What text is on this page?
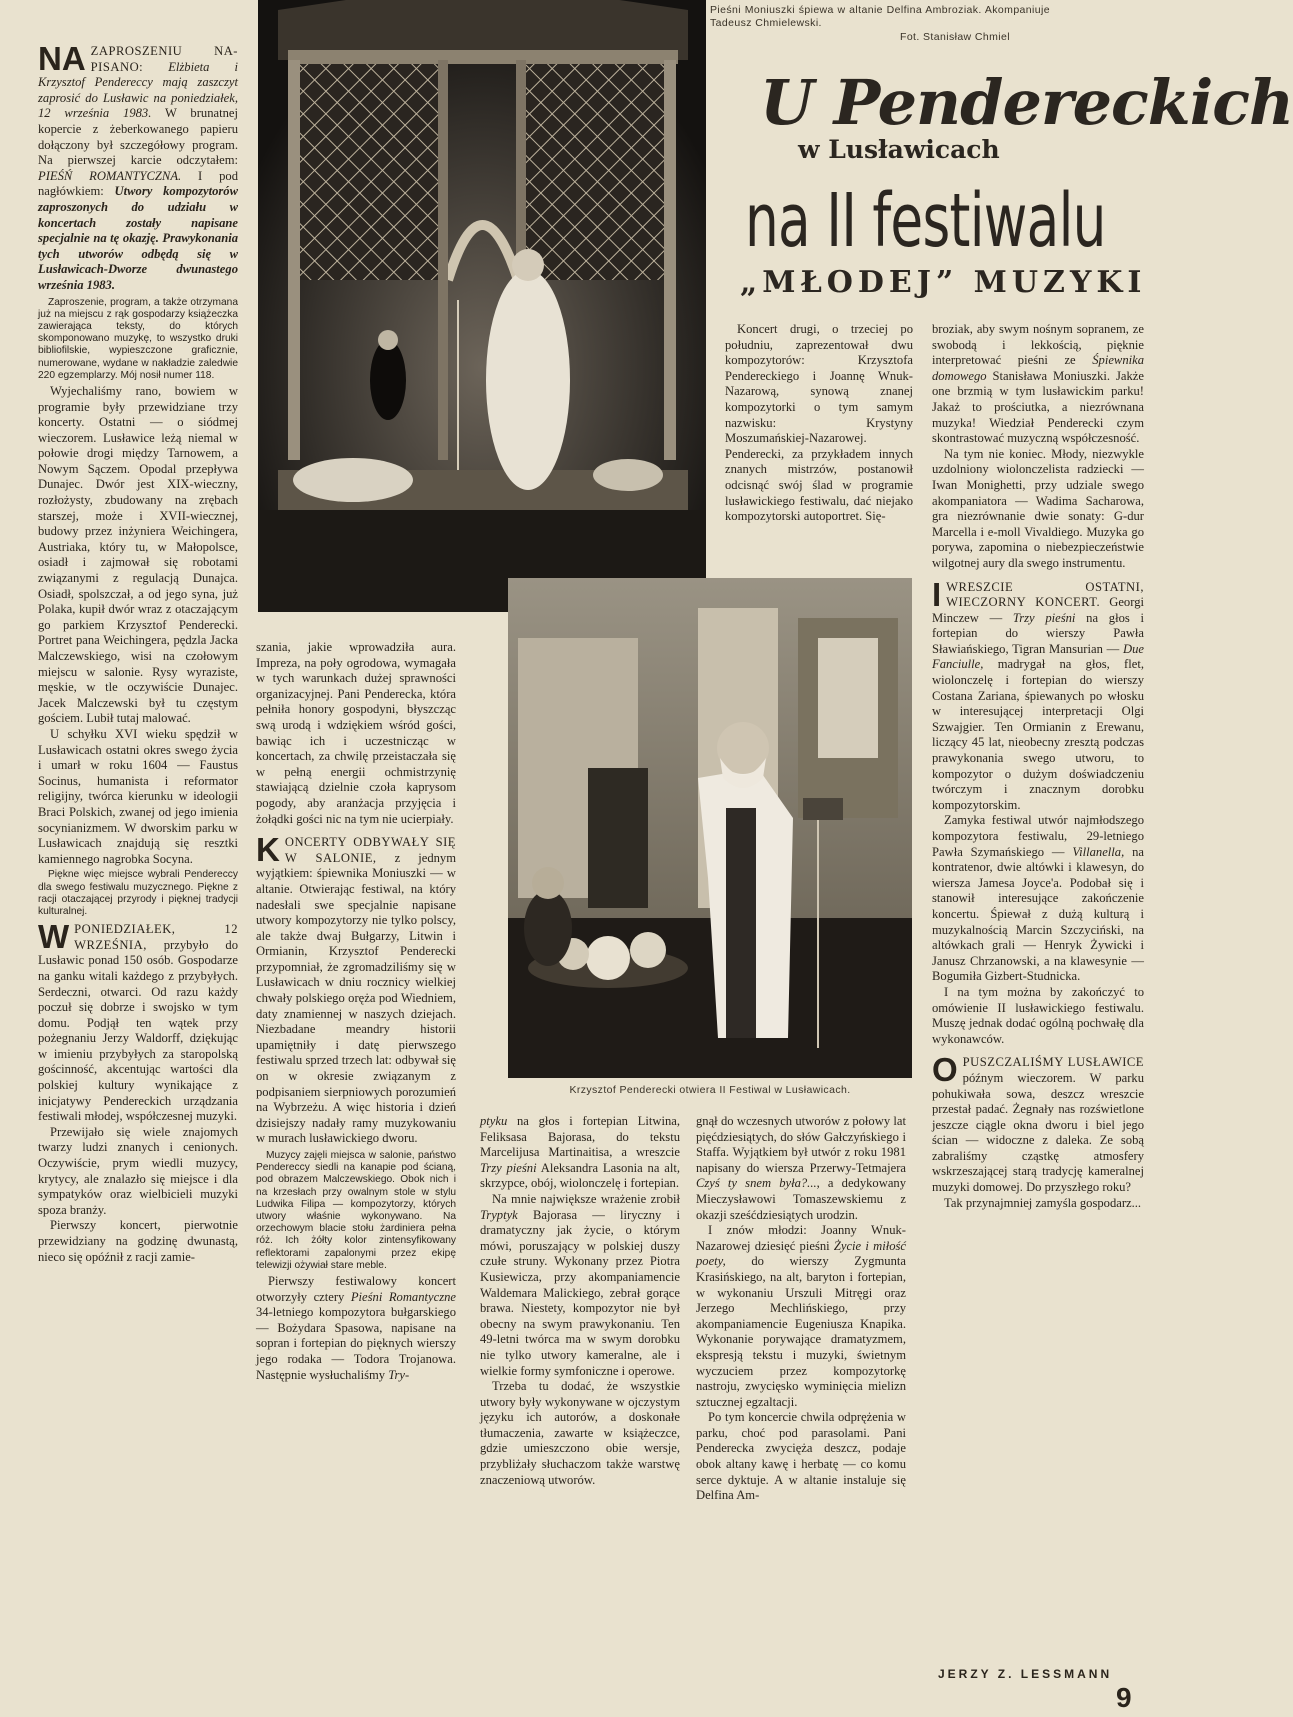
NA ZAPROSZENIU NA-PISANO: Elżbieta i Krzysztof Pendereccy mają zaszczyt zaprosić do Lusławic na poniedziałek, 12 września 1983. W brunatnej kopercie z żeberkowanego papieru dołączony był szczegółowy program. Na pierwszej karcie odczytałem: PIEŚŃ ROMANTYCZNA. I pod nagłówkiem: Utwory kompozytorów zaproszonych do udziału w koncertach zostały napisane specjalnie na tę okazję. Prawykonania tych utworów odbędą się w Lusławicach-Dworze dwunastego września 1983.

Zaproszenie, program, a także otrzymana już na miejscu z rąk gospodarzy książeczka zawierająca teksty, do których skomponowano muzykę, to wszystko druki bibliofilskie, wypieszczone graficznie, numerowane, wydane w nakładzie zaledwie 220 egzemplarzy. Mój nosił numer 118.

Wyjechaliśmy rano, bowiem w programie były przewidziane trzy koncerty. Ostatni — o siódmej wieczorem. Lusławice leżą niemal w połowie drogi między Tarnowem, a Nowym Sączem. Opodal przepływa Dunajec. Dwór jest XIX-wieczny, rozłożysty, zbudowany na zrębach starszej, może i XVII-wiecznej, budowy przez inżyniera Weichingera, Austriaka, który tu, w Małopolsce, osiadł i zajmował się robotami związanymi z regulacją Dunajca. Osiadł, spolszczał, a od jego syna, już Polaka, kupił dwór wraz z otaczającym go parkiem Krzysztof Penderecki. Portret pana Weichingera, pędzla Jacka Malczewskiego, wisi na czołowym miejscu w salonie. Rysy wyraziste, męskie, w tle oczywiście Dunajec. Jacek Malczewski był tu częstym gościem. Lubił tutaj malować.

U schyłku XVI wieku spędził w Lusławicach ostatni okres swego życia i umarł w roku 1604 — Faustus Socinus, humanista i reformator religijny, twórca kierunku w ideologii Braci Polskich, zwanej od jego imienia socynianizmem. W dworskim parku w Lusławicach znajdują się resztki kamiennego nagrobka Socyna.

Piękne więc miejsce wybrali Pendereccy dla swego festiwalu muzycznego. Piękne z racji otaczającej przyrody i pięknej tradycji kulturalnej.

WPONIEDZIAŁEK, 12 WRZEŚNIA, przybyło do Lusławic ponad 150 osób. Gospodarze na ganku witali każdego z przybyłych. Serdeczni, otwarci. Od razu każdy poczuł się dobrze i swojsko w tym domu. Podjął ten wątek przy pożegnaniu Jerzy Waldorff, dziękując w imieniu przybyłych za staropolską gościnność, akcentując wartości dla polskiej kultury wynikające z inicjatywy Pendereckich urządzania festiwali młodej, współczesnej muzyki.

Przewijało się wiele znajomych twarzy ludzi znanych i cenionych. Oczywiście, prym wiedli muzycy, krytycy, ale znalazło się miejsce i dla sympatyków oraz wielbicieli muzyki spoza branży.

Pierwszy koncert, pierwotnie przewidziany na godzinę dwunastą, nieco się opóźnił z racji zamie-

Pieśni Moniuszki śpiewa w altanie Delfina Ambroziak. Akompaniuje Tadeusz Chmielewski.
Fot. Stanisław Chmiel
U Pendereckich
w Lusławicach
na II festiwalu
„MŁODEJ” MUZYKI

Koncert drugi, o trzeciej po południu, zaprezentował dwu kompozytorów: Krzysztofa Pendereckiego i Joannę Wnuk-Nazarową, synową znanej kompozytorki o tym samym nazwisku: Krystyny Moszumańskiej-Nazarowej. Penderecki, za przykładem innych znanych mistrzów, postanowił odcisnąć swój ślad w programie lusławickiego festiwalu, dać niejako kompozytorski autoportret. Się-

broziak, aby swym nośnym sopranem, ze swobodą i lekkością, pięknie interpretować pieśni ze Śpiewnika domowego Stanisława Moniuszki. Jakże one brzmią w tym lusławickim parku! Jakaż to prościutka, a niezrównana muzyka! Wiedział Penderecki czym skontrastować muzyczną współczesność.

Na tym nie koniec. Młody, niezwykle uzdolniony wiolonczelista radziecki — Iwan Monighetti, przy udziale swego akompaniatora — Wadima Sacharowa, gra niezrównanie dwie sonaty: G-dur Marcella i e-moll Vivaldiego. Muzyka go porywa, zapomina o niebezpieczeństwie wilgotnej aury dla swego instrumentu.

IWRESZCIE OSTATNI, WIECZORNY KONCERT. Georgi Minczew — Trzy pieśni na głos i fortepian do wierszy Pawła Sławiańskiego, Tigran Mansurian — Due Fanciulle, madrygał na głos, flet, wiolonczelę i fortepian do wierszy Costana Zariana, śpiewanych po włosku w interesującej interpretacji Olgi Szwajgier. Ten Ormianin z Erewanu, liczący 45 lat, nieobecny zresztą podczas prawykonania swego utworu, to kompozytor o dużym doświadczeniu twórczym i znacznym dorobku kompozytorskim.

Zamyka festiwal utwór najmłodszego kompozytora festiwalu, 29-letniego Pawła Szymańskiego — Villanella, na kontratenor, dwie altówki i klawesyn, do wiersza Jamesa Joyce'a. Podobał się i stanowił interesujące zakończenie koncertu. Śpiewał z dużą kulturą i muzykalnością Marcin Szczyciński, na altówkach grali — Henryk Żywicki i Janusz Chrzanowski, a na klawesynie — Bogumiła Gizbert-Studnicka.

I na tym można by zakończyć to omówienie II lusławickiego festiwalu. Muszę jednak dodać ogólną pochwałę dla wykonawców.

OPUSZCZALIŚMY LUSŁAWICE późnym wieczorem. W parku pohukiwała sowa, deszcz wreszcie przestał padać. Żegnały nas rozświetlone jeszcze ciągle okna dworu i biel jego ścian — widoczne z daleka. Ze sobą zabraliśmy cząstkę atmosfery wskrzeszającej starą tradycję kameralnej muzyki domowej. Do przyszłego roku?

Tak przynajmniej zamyśla gospodarz...

Krzysztof Penderecki otwiera II Festiwal w Lusławicach.

szania, jakie wprowadziła aura. Impreza, na poły ogrodowa, wymagała w tych warunkach dużej sprawności organizacyjnej. Pani Penderecka, która pełniła honory gospodyni, błyszcząc swą urodą i wdziękiem wśród gości, bawiąc ich i uczestnicząc w koncertach, za chwilę przeistaczała się w pełną energii ochmistrzynię stawiającą dzielnie czoła kaprysom pogody, aby aranżacja przyjęcia i żołądki gości nic na tym nie ucierpiały.

KONCERTY ODBYWAŁY SIĘ W SALONIE, z jednym wyjątkiem: śpiewnika Moniuszki — w altanie. Otwierając festiwal, na który nadesłali swe specjalnie napisane utwory kompozytorzy nie tylko polscy, ale także dwaj Bułgarzy, Litwin i Ormianin, Krzysztof Penderecki przypomniał, że zgromadziliśmy się w Lusławicach w dniu rocznicy wielkiej chwały polskiego oręża pod Wiedniem, daty znamiennej w naszych dziejach. Niezbadane meandry historii upamiętniły i datę pierwszego festiwalu sprzed trzech lat: odbywał się on w okresie związanym z podpisaniem sierpniowych porozumień na Wybrzeżu. A więc historia i dzień dzisiejszy nadały ramy muzykowaniu w murach lusławickiego dworu.

Muzycy zajęli miejsca w salonie, państwo Pendereccy siedli na kanapie pod ścianą, pod obrazem Malczewskiego. Obok nich i na krzesłach przy owalnym stole w stylu Ludwika Filipa — kompozytorzy, których utwory właśnie wykonywano. Na orzechowym blacie stołu żardiniera pełna róż. Ich żółty kolor zintensyfikowany reflektorami zapalonymi przez ekipę telewizji ożywiał stare meble.

Pierwszy festiwalowy koncert otworzyły cztery Pieśni Romantyczne 34-letniego kompozytora bułgarskiego — Bożydara Spasowa, napisane na sopran i fortepian do pięknych wierszy jego rodaka — Todora Trojanowa. Następnie wysłuchaliśmy Try-

ptyku na głos i fortepian Litwina, Feliksasa Bajorasa, do tekstu Marcelijusa Martinaitisa, a wreszcie Trzy pieśni Aleksandra Lasonia na alt, skrzypce, obój, wiolonczelę i fortepian.

Na mnie największe wrażenie zrobił Tryptyk Bajorasa — liryczny i dramatyczny jak życie, o którym mówi, poruszający w polskiej duszy czułe struny. Wykonany przez Piotra Kusiewicza, przy akompaniamencie Waldemara Malickiego, zebrał gorące brawa. Niestety, kompozytor nie był obecny na swym prawykonaniu. Ten 49-letni twórca ma w swym dorobku nie tylko utwory kameralne, ale i wielkie formy symfoniczne i operowe.

Trzeba tu dodać, że wszystkie utwory były wykonywane w ojczystym języku ich autorów, a doskonałe tłumaczenia, zawarte w książeczce, gdzie umieszczono obie wersje, przybliżały słuchaczom także warstwę znaczeniową utworów.

gnął do wczesnych utworów z połowy lat pięćdziesiątych, do słów Gałczyńskiego i Staffa. Wyjątkiem był utwór z roku 1981 napisany do wiersza Przerwy-Tetmajera Czyś ty snem była?..., a dedykowany Mieczysławowi Tomaszewskiemu z okazji sześćdziesiątych urodzin.

I znów młodzi: Joanny Wnuk-Nazarowej dziesięć pieśni Życie i miłość poety, do wierszy Zygmunta Krasińskiego, na alt, baryton i fortepian, w wykonaniu Urszuli Mitręgi oraz Jerzego Mechlińskiego, przy akompaniamencie Eugeniusza Knapika. Wykonanie porywające dramatyzmem, ekspresją tekstu i muzyki, świetnym wyczuciem przez kompozytorkę nastroju, zwycięsko wyminięcia mielizn sztucznej egzaltacji.

Po tym koncercie chwila odprężenia w parku, choć pod parasolami. Pani Penderecka zwycięża deszcz, podaje obok altany kawę i herbatę — co komu serce dyktuje. A w altanie instaluje się Delfina Am-

JERZY Z. LESSMANN
9
